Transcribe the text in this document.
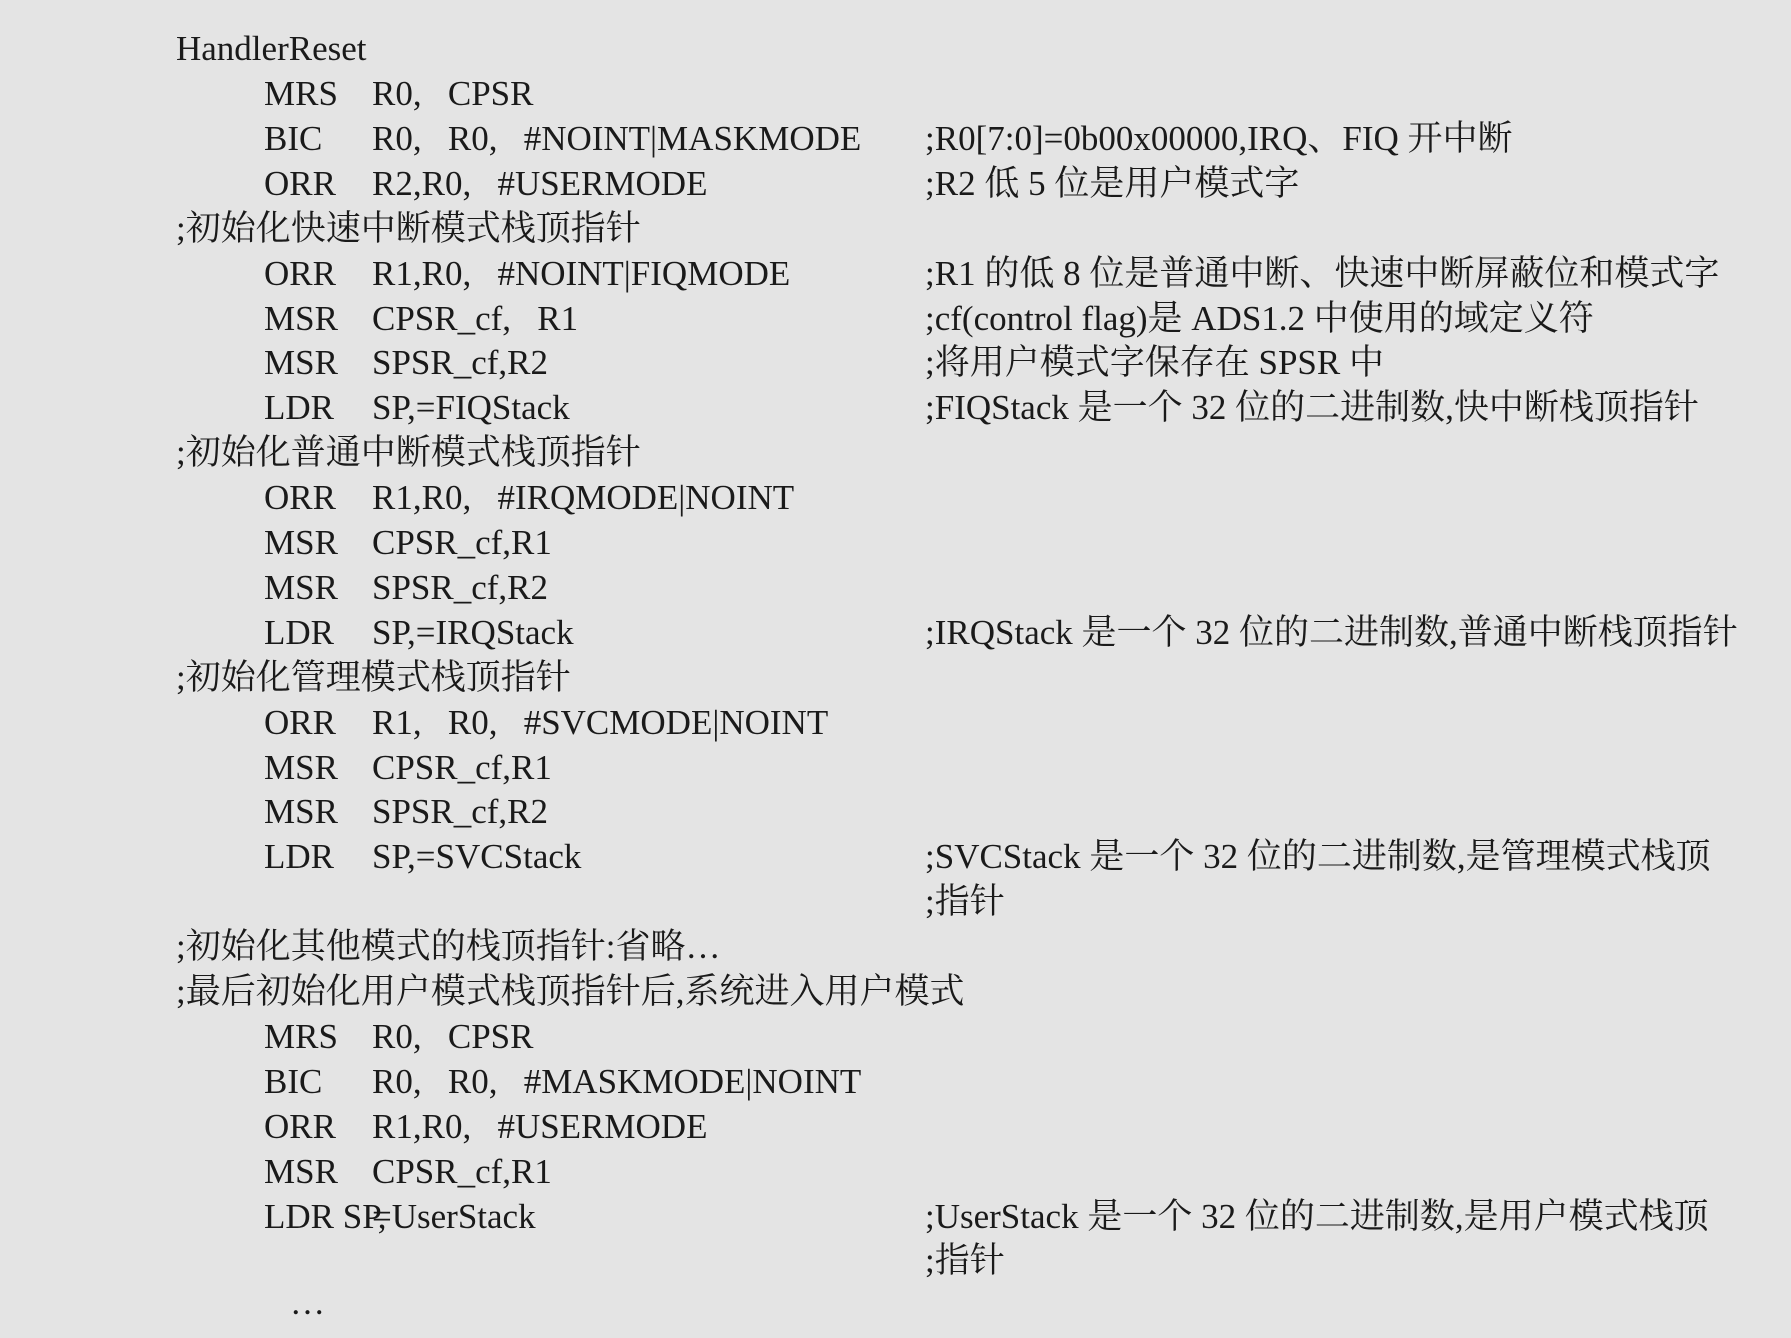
HandlerReset
MRS R0,   CPSR
BIC R0,   R0,   #NOINT|MASKMODE ;R0[7:0]=0b00x00000,IRQ、FIQ 开中断
ORR R2,R0,   #USERMODE	;R2 低 5 位是用户模式字
;初始化快速中断模式栈顶指针
ORR R1,R0,   #NOINT|FIQMODE	;R1 的低 8 位是普通中断、快速中断屏蔽位和模式字
MSR CPSR_cf,   R1	;cf(control flag)是 ADS1.2 中使用的域定义符
MSR SPSR_cf,R2	;将用户模式字保存在 SPSR 中
LDR SP,=FIQStack	;FIQStack 是一个 32 位的二进制数,快中断栈顶指针
;初始化普通中断模式栈顶指针
ORR R1,R0,   #IRQMODE|NOINT
MSR CPSR_cf,R1
MSR SPSR_cf,R2
LDR SP,=IRQStack	;IRQStack 是一个 32 位的二进制数,普通中断栈顶指针
;初始化管理模式栈顶指针
ORR R1,   R0,   #SVCMODE|NOINT
MSR CPSR_cf,R1
MSR SPSR_cf,R2
LDR SP,=SVCStack	;SVCStack 是一个 32 位的二进制数,是管理模式栈顶
;指针
;初始化其他模式的栈顶指针:省略…
;最后初始化用户模式栈顶指针后,系统进入用户模式
MRS R0,   CPSR
BIC R0,   R0,   #MASKMODE|NOINT
ORR R1,R0,   #USERMODE
MSR CPSR_cf,R1
LDR SP,=UserStack	;UserStack 是一个 32 位的二进制数,是用户模式栈顶
;指针
…
